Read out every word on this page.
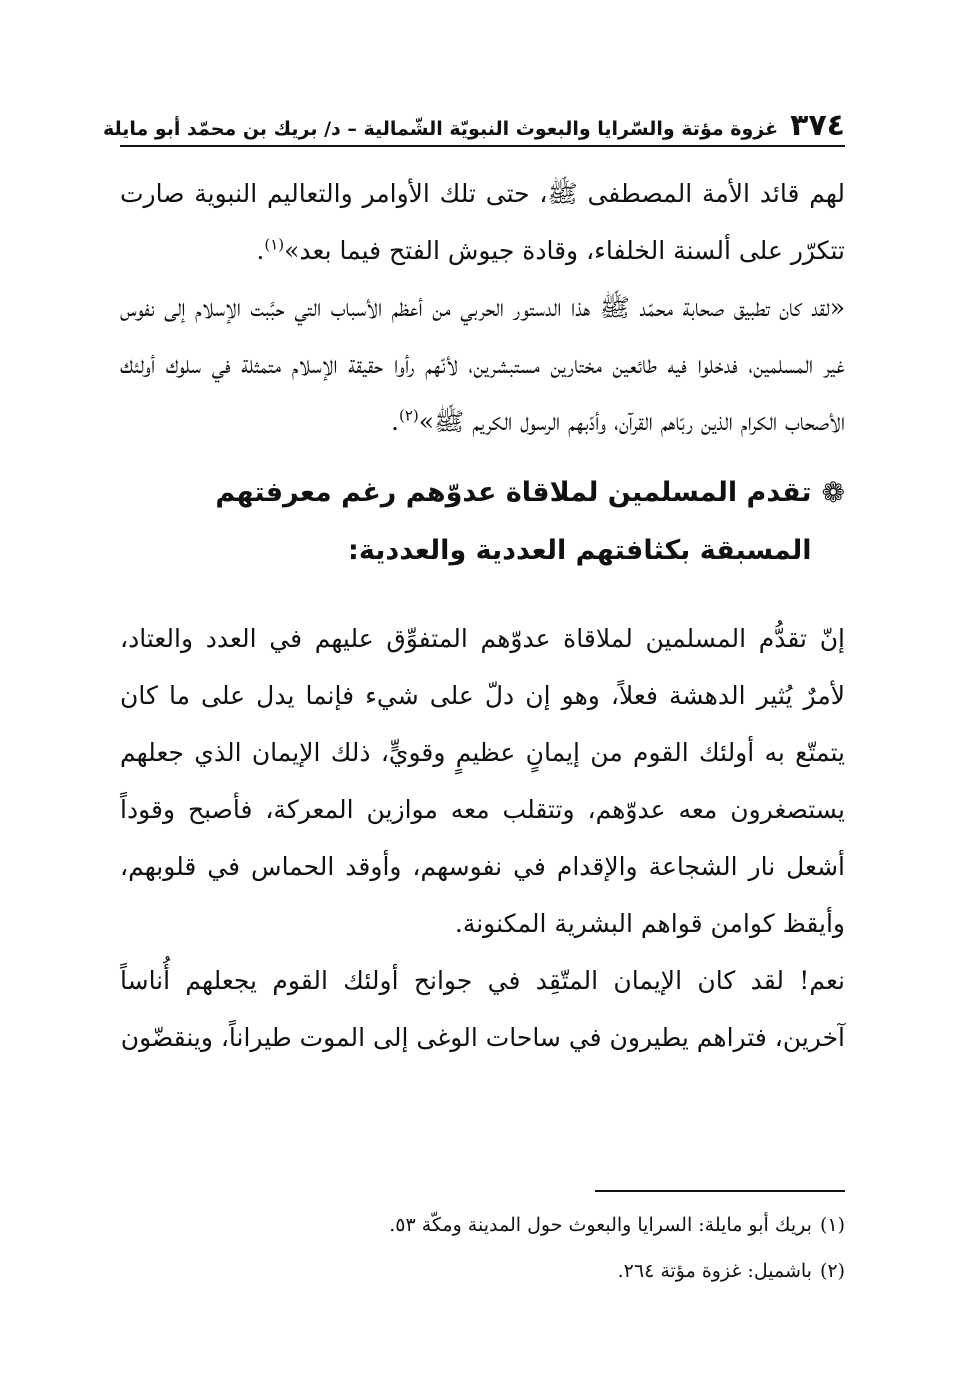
٣٧٤
غزوة مؤتة والسّرايا والبعوث النبويّة الشّمالية – د/ بريك بن محمّد أبو مايلة

لهم قائد الأمة المصطفى ﷺ، حتى تلك الأوامر والتعاليم النبوية صارت تتكرّر على ألسنة الخلفاء، وقادة جيوش الفتح فيما بعد»$^{(١)}$.

«لقد كان تطبيق صحابة محمّد ﷺ هذا الدستور الحربي من أعظم الأسباب التي حبَّبت الإسلام إلى نفوس غير المسلمين، فدخلوا فيه طائعين مختارين مستبشرين، لأنّهم رأوا حقيقة الإسلام متمثلة في سلوك أولئك الأصحاب الكرام الذين ربّاهم القرآن، وأدّبهم الرسول الكريم ﷺ»$^{(٢)}$.

❁
تقدم المسلمين لملاقاة عدوّهم رغم معرفتهم المسبقة بكثافتهم العددية والعددية:

إنّ تقدُّم المسلمين لملاقاة عدوّهم المتفوِّق عليهم في العدد والعتاد، لأمرٌ يُثير الدهشة فعلاً، وهو إن دلّ على شيء فإنما يدل على ما كان يتمتّع به أولئك القوم من إيمانٍ عظيمٍ وقويٍّ، ذلك الإيمان الذي جعلهم يستصغرون معه عدوّهم، وتتقلب معه موازين المعركة، فأصبح وقوداً أشعل نار الشجاعة والإقدام في نفوسهم، وأوقد الحماس في قلوبهم، وأيقظ كوامن قواهم البشرية المكنونة.

نعم! لقد كان الإيمان المتّقِد في جوانح أولئك القوم يجعلهم أُناساً آخرين، فتراهم يطيرون في ساحات الوغى إلى الموت طيراناً، وينقضّون

(١)بريك أبو مايلة: السرايا والبعوث حول المدينة ومكّة ٥٣.

(٢)باشميل: غزوة مؤتة ٢٦٤.
